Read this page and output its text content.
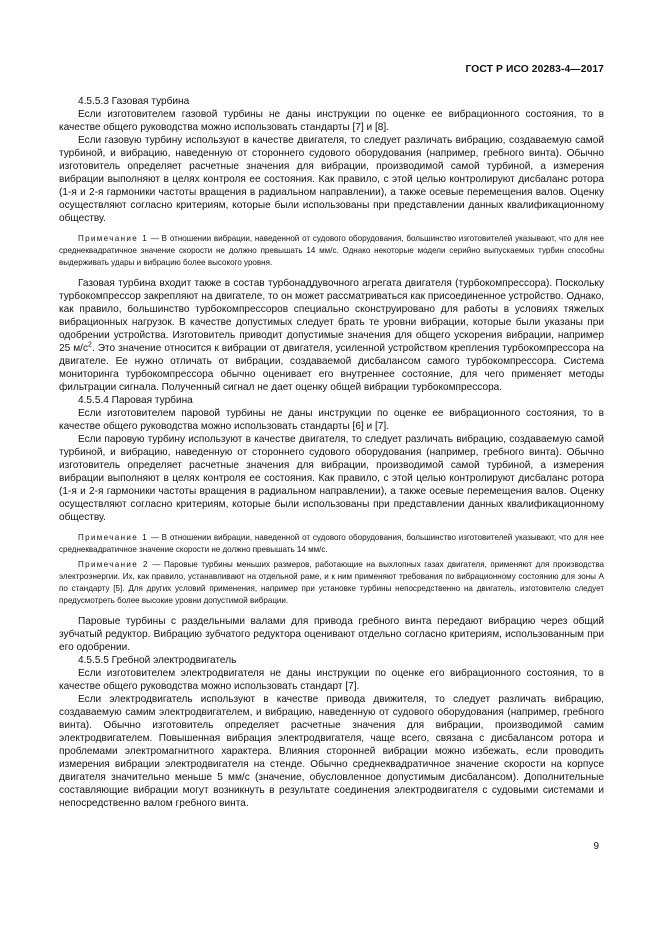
ГОСТ Р ИСО 20283-4—2017

4.5.5.3 Газовая турбина

Если изготовителем газовой турбины не даны инструкции по оценке ее вибрационного состояния, то в качестве общего руководства можно использовать стандарты [7] и [8].

Если газовую турбину используют в качестве двигателя, то следует различать вибрацию, создаваемую самой турбиной, и вибрацию, наведенную от стороннего судового оборудования (например, гребного винта). Обычно изготовитель определяет расчетные значения для вибрации, производимой самой турбиной, а измерения вибрации выполняют в целях контроля ее состояния. Как правило, с этой целью контролируют дисбаланс ротора (1-я и 2-я гармоники частоты вращения в радиальном направлении), а также осевые перемещения валов. Оценку осуществляют согласно критериям, которые были использованы при представлении данных квалификационному обществу.

Примечание 1 — В отношении вибрации, наведенной от судового оборудования, большинство изготовителей указывают, что для нее среднеквадратичное значение скорости не должно превышать 14 мм/с. Однако некоторые модели серийно выпускаемых турбин способны выдерживать удары и вибрацию более высокого уровня.

Газовая турбина входит также в состав турбонаддувочного агрегата двигателя (турбокомпрессора). Поскольку турбокомпрессор закрепляют на двигателе, то он может рассматриваться как присоединенное устройство. Однако, как правило, большинство турбокомпрессоров специально сконструировано для работы в условиях тяжелых вибрационных нагрузок. В качестве допустимых следует брать те уровни вибрации, которые были указаны при одобрении устройства. Изготовитель приводит допустимые значения для общего ускорения вибрации, например 25 $м/с^2$. Это значение относится к вибрации от двигателя, усиленной устройством крепления турбокомпрессора на двигателе. Ее нужно отличать от вибрации, создаваемой дисбалансом самого турбокомпрессора. Система мониторинга турбокомпрессора обычно оценивает его внутреннее состояние, для чего применяет методы фильтрации сигнала. Полученный сигнал не дает оценку общей вибрации турбокомпрессора.

4.5.5.4 Паровая турбина

Если изготовителем паровой турбины не даны инструкции по оценке ее вибрационного состояния, то в качестве общего руководства можно использовать стандарты [6] и [7].

Если паровую турбину используют в качестве двигателя, то следует различать вибрацию, создаваемую самой турбиной, и вибрацию, наведенную от стороннего судового оборудования (например, гребного винта). Обычно изготовитель определяет расчетные значения для вибрации, производимой самой турбиной, а измерения вибрации выполняют в целях контроля ее состояния. Как правило, с этой целью контролируют дисбаланс ротора (1-я и 2-я гармоники частоты вращения в радиальном направлении), а также осевые перемещения валов. Оценку осуществляют согласно критериям, которые были использованы при представлении данных квалификационному обществу.

Примечание 1 — В отношении вибрации, наведенной от судового оборудования, большинство изготовителей указывают, что для нее среднеквадратичное значение скорости не должно превышать 14 мм/с.

Примечание 2 — Паровые турбины меньших размеров, работающие на выхлопных газах двигателя, применяют для производства электроэнергии. Их, как правило, устанавливают на отдельной раме, и к ним применяют требования по вибрационному состоянию для зоны А по стандарту [5]. Для других условий применения, например при установке турбины непосредственно на двигатель, изготовителю следует предусмотреть более высокие уровни допустимой вибрации.

Паровые турбины с раздельными валами для привода гребного винта передают вибрацию через общий зубчатый редуктор. Вибрацию зубчатого редуктора оценивают отдельно согласно критериям, использованным при его одобрении.

4.5.5.5 Гребной электродвигатель

Если изготовителем электродвигателя не даны инструкции по оценке его вибрационного состояния, то в качестве общего руководства можно использовать стандарт [7].

Если электродвигатель используют в качестве привода движителя, то следует различать вибрацию, создаваемую самим электродвигателем, и вибрацию, наведенную от судового оборудования (например, гребного винта). Обычно изготовитель определяет расчетные значения для вибрации, производимой самим электродвигателем. Повышенная вибрация электродвигателя, чаще всего, связана с дисбалансом ротора и проблемами электромагнитного характера. Влияния сторонней вибрации можно избежать, если проводить измерения вибрации электродвигателя на стенде. Обычно среднеквадратичное значение скорости на корпусе двигателя значительно меньше 5 мм/с (значение, обусловленное допустимым дисбалансом). Дополнительные составляющие вибрации могут возникнуть в результате соединения электродвигателя с судовыми системами и непосредственно валом гребного винта.

9
